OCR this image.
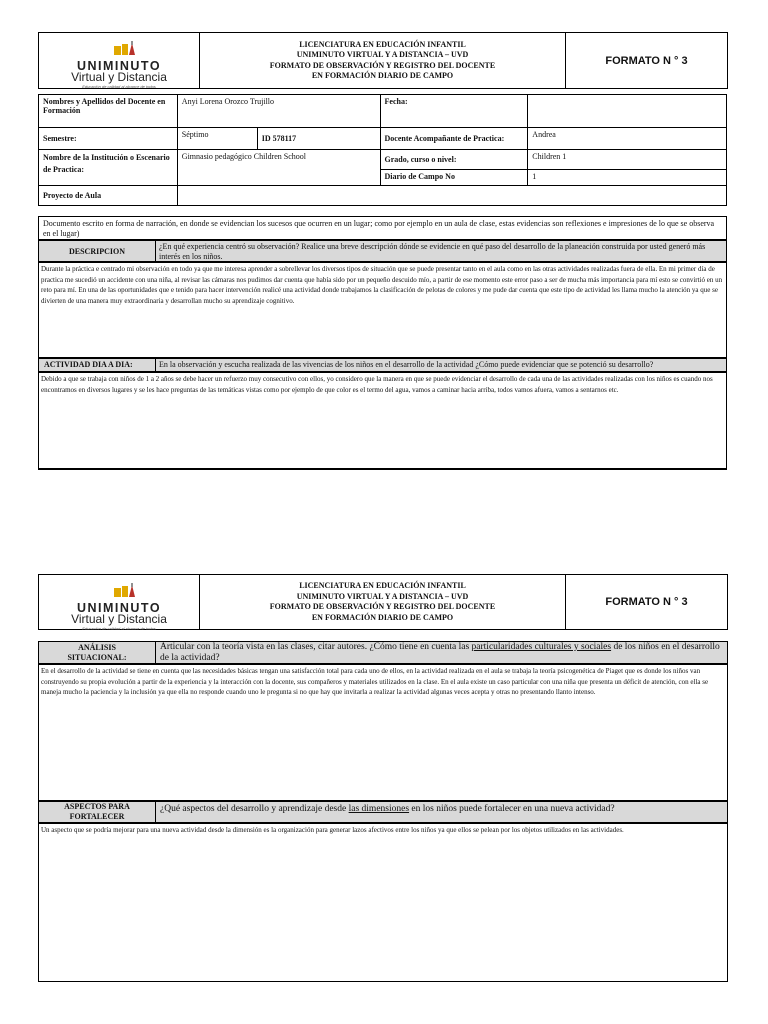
UNIMINUTO
Virtual y Distancia
Educación de calidad al alcance de todos
LICENCIATURA EN EDUCACIÓN INFANTIL
UNIMINUTO VIRTUAL Y A DISTANCIA – UVD
FORMATO DE OBSERVACIÓN Y REGISTRO DEL DOCENTE
EN FORMACIÓN DIARIO DE CAMPO
FORMATO N ° 3
Nombres y Apellidos del Docente en Formación	Anyi Lorena Orozco Trujillo		Fecha:	
Semestre:	Séptimo	ID 578117	Docente Acompañante de Practica:	Andrea
Nombre de la Institución o Escenario de Practica:	Gimnasio pedagógico Children School		Grado, curso o nivel:	Children 1
			Diario de Campo No	1
Proyecto de Aula				
Documento escrito en forma de narración, en donde se evidencian los sucesos que ocurren en un lugar; como por ejemplo en un aula de clase, estas evidencias son reflexiones e impresiones de lo que se observa en el lugar)
DESCRIPCION	¿En qué experiencia centró su observación? Realice una breve descripción dónde se evidencie en qué paso del desarrollo de la planeación construida por usted generó más interés en los niños.
Durante la práctica e centrado mi observación en todo ya que me interesa aprender a sobrellevar los diversos tipos de situación que se puede presentar tanto en el aula como en las otras actividades realizadas fuera de ella. En mi primer día de practica me sucedió un accidente con una niña, al revisar las cámaras nos pudimos dar cuenta que había sido por un pequeño descuido mío, a partir de ese momento este error paso a ser de mucha más importancia para mí esto se convirtió en un reto para mí. En una de las oportunidades que e tenido para hacer intervención realicé una actividad donde trabajamos la clasificación de pelotas de colores y me pude dar cuenta que este tipo de actividad les llama mucho la atención ya que se divierten de una manera muy extraordinaria y desarrollan mucho su aprendizaje cognitivo.
ACTIVIDAD DIA A DIA:	En la observación y escucha realizada de las vivencias de los niños en el desarrollo de la actividad ¿Cómo puede evidenciar que se potenció su desarrollo?
Debido a que se trabaja con niños de 1 a 2 años se debe hacer un refuerzo muy consecutivo con ellos, yo considero que la manera en que se puede evidenciar el desarrollo de cada una de las actividades realizadas con los niños es cuando nos encontramos en diversos lugares y se les hace preguntas de las temáticas vistas como por ejemplo de que color es el termo del agua, vamos a caminar hacia arriba, todos vamos afuera, vamos a sentarnos etc.
UNIMINUTO
Virtual y Distancia
Educación de calidad al alcance de todos
LICENCIATURA EN EDUCACIÓN INFANTIL
UNIMINUTO VIRTUAL Y A DISTANCIA – UVD
FORMATO DE OBSERVACIÓN Y REGISTRO DEL DOCENTE
EN FORMACIÓN DIARIO DE CAMPO
FORMATO N ° 3
ANÁLISIS SITUACIONAL:
Articular con la teoría vista en las clases, citar autores. ¿Cómo tiene en cuenta las particularidades culturales y sociales de los niños en el desarrollo de la actividad?
En el desarrollo de la actividad se tiene en cuenta que las necesidades básicas tengan una satisfacción total para cada uno de ellos, en la actividad realizada en el aula se trabaja la teoría psicogenética de Piaget que es donde los niños van construyendo su propia evolución a partir de la experiencia y la interacción con la docente, sus compañeros y materiales utilizados en la clase. En el aula existe un caso particular con una niña que presenta un déficit de atención, con ella se maneja mucho la paciencia y la inclusión ya que ella no responde cuando uno le pregunta si no que hay que invitarla a realizar la actividad algunas veces acepta y otras no presentando llanto intenso.
ASPECTOS PARA FORTALECER
¿Qué aspectos del desarrollo y aprendizaje desde las dimensiones en los niños puede fortalecer en una nueva actividad?
Un aspecto que se podría mejorar para una nueva actividad desde la dimensión es la organización para generar lazos afectivos entre los niños ya que ellos se pelean por los objetos utilizados en las actividades.
